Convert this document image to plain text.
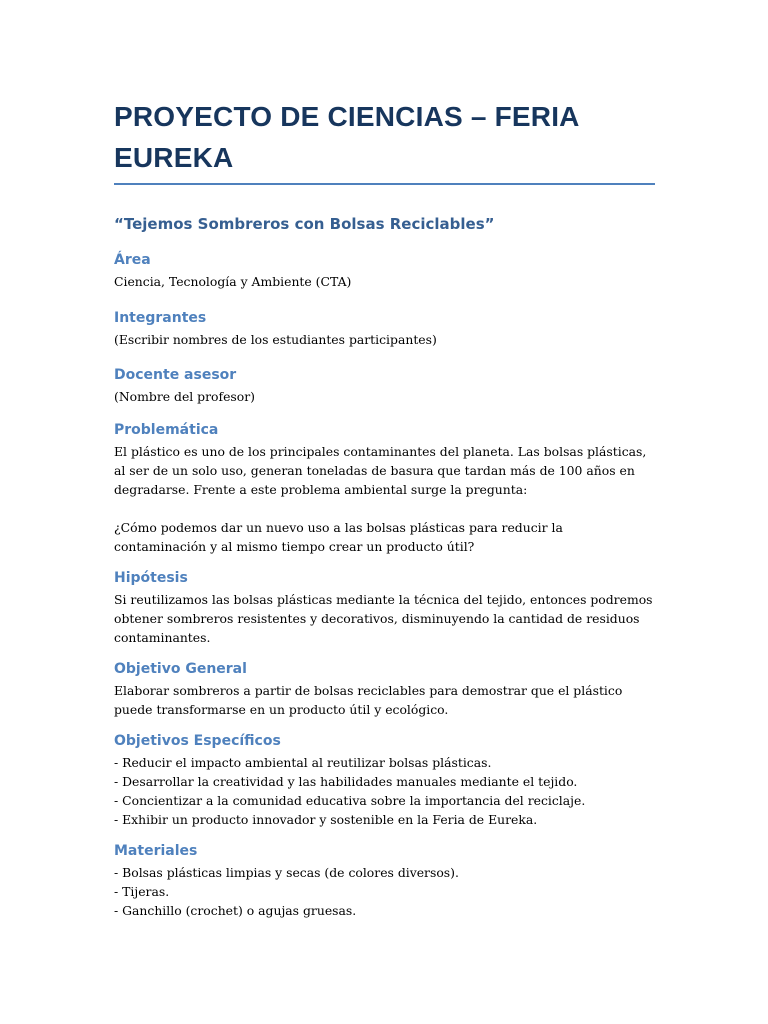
PROYECTO DE CIENCIAS – FERIA EUREKA
“Tejemos Sombreros con Bolsas Reciclables”
Área
Ciencia, Tecnología y Ambiente (CTA)
Integrantes
(Escribir nombres de los estudiantes participantes)
Docente asesor
(Nombre del profesor)
Problemática

El plástico es uno de los principales contaminantes del planeta. Las bolsas plásticas, al ser de un solo uso, generan toneladas de basura que tardan más de 100 años en degradarse. Frente a este problema ambiental surge la pregunta:

¿Cómo podemos dar un nuevo uso a las bolsas plásticas para reducir la contaminación y al mismo tiempo crear un producto útil?

Hipótesis
Si reutilizamos las bolsas plásticas mediante la técnica del tejido, entonces podremos obtener sombreros resistentes y decorativos, disminuyendo la cantidad de residuos contaminantes.
Objetivo General
Elaborar sombreros a partir de bolsas reciclables para demostrar que el plástico puede transformarse en un producto útil y ecológico.
Objetivos Específicos
- Reducir el impacto ambiental al reutilizar bolsas plásticas.
- Desarrollar la creatividad y las habilidades manuales mediante el tejido.
- Concientizar a la comunidad educativa sobre la importancia del reciclaje.
- Exhibir un producto innovador y sostenible en la Feria de Eureka.
Materiales
- Bolsas plásticas limpias y secas (de colores diversos).
- Tijeras.
- Ganchillo (crochet) o agujas gruesas.
